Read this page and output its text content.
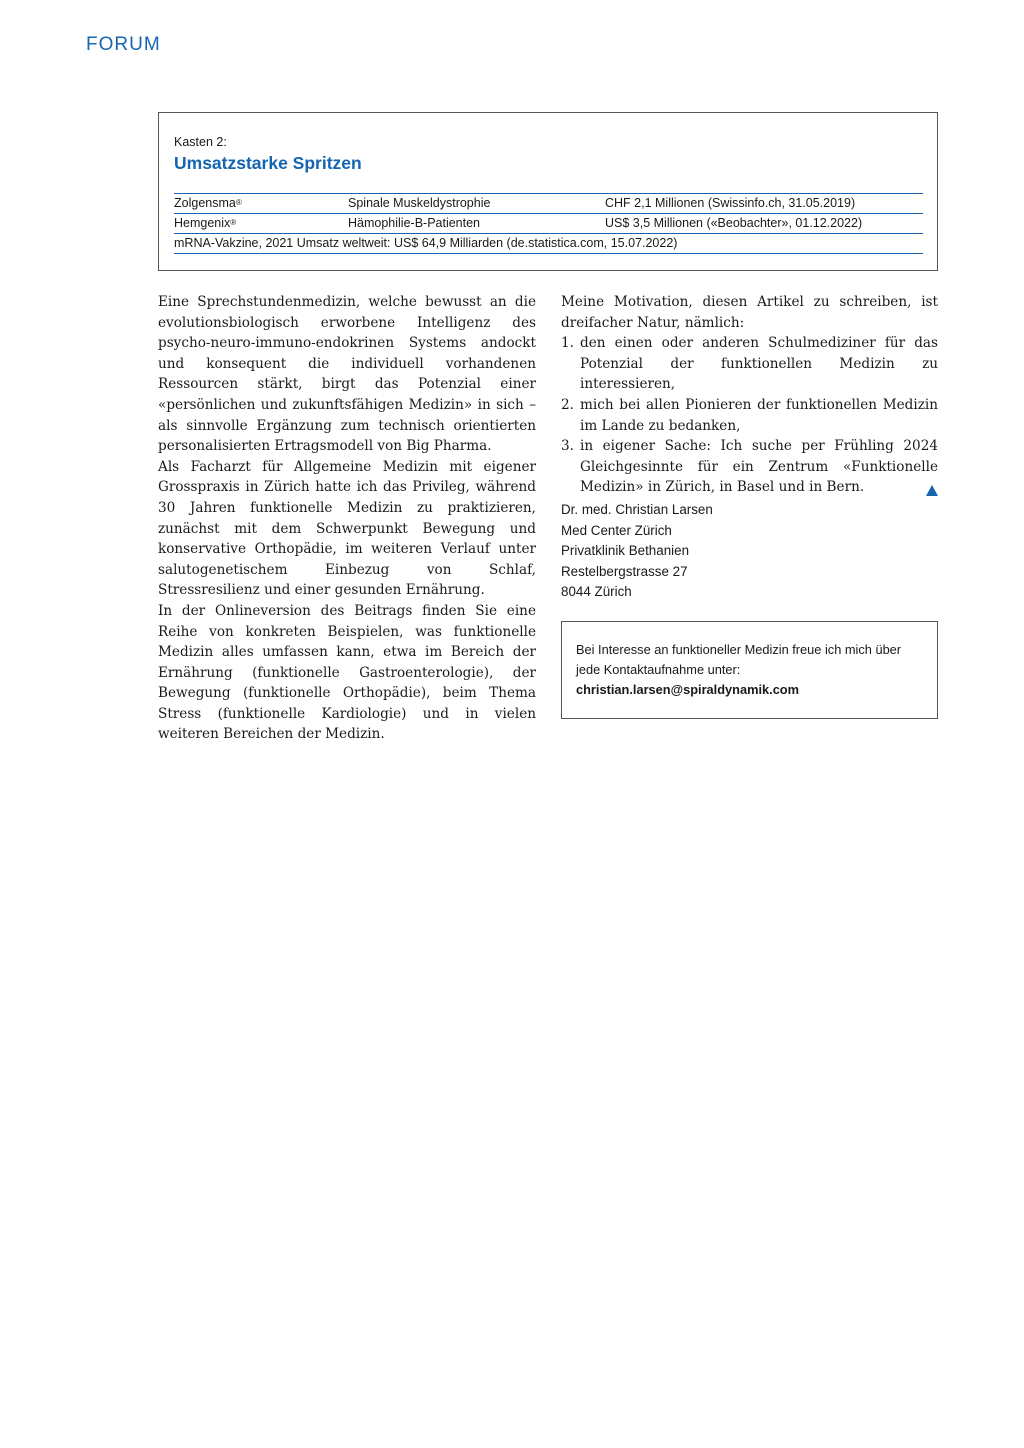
FORUM
Kasten 2:
Umsatzstarke Spritzen
Zolgensma®	Spinale Muskeldystrophie	CHF 2,1 Millionen (Swissinfo.ch, 31.05.2019)
Hemgenix®	Hämophilie-B-Patienten	US$ 3,5 Millionen («Beobachter», 01.12.2022)
mRNA-Vakzine, 2021 Umsatz weltweit: US$ 64,9 Milliarden (de.statistica.com, 15.07.2022)

Eine Sprechstundenmedizin, welche bewusst an die evolutionsbiologisch erworbene Intelligenz des psycho-neuro-immuno-endokrinen Systems andockt und konsequent die individuell vorhandenen Ressourcen stärkt, birgt das Potenzial einer «persönlichen und zukunftsfähigen Medizin» in sich – als sinnvolle Ergänzung zum technisch orientierten personalisierten Ertragsmodell von Big Pharma.

Als Facharzt für Allgemeine Medizin mit eigener Grosspraxis in Zürich hatte ich das Privileg, während 30 Jahren funktionelle Medizin zu praktizieren, zunächst mit dem Schwerpunkt Bewegung und konservative Orthopädie, im weiteren Verlauf unter salutogenetischem Einbezug von Schlaf, Stressresilienz und einer gesunden Ernährung.

In der Onlineversion des Beitrags finden Sie eine Reihe von konkreten Beispielen, was funktionelle Medizin alles umfassen kann, etwa im Bereich der Ernährung (funktionelle Gastroenterologie), der Bewegung (funktionelle Orthopädie), beim Thema Stress (funktionelle Kardiologie) und in vielen weiteren Bereichen der Medizin.

Meine Motivation, diesen Artikel zu schreiben, ist dreifacher Natur, nämlich:

1. den einen oder anderen Schulmediziner für das Potenzial der funktionellen Medizin zu interessieren,
2. mich bei allen Pionieren der funktionellen Medizin im Lande zu bedanken,
3. in eigener Sache: Ich suche per Frühling 2024 Gleichgesinnte für ein Zentrum «Funktionelle Medizin» in Zürich, in Basel und in Bern.
Dr. med. Christian Larsen
Med Center Zürich
Privatklinik Bethanien
Restelbergstrasse 27
8044 Zürich
Bei Interesse an funktioneller Medizin freue ich mich über jede Kontaktaufnahme unter:
christian.larsen@spiraldynamik.com
